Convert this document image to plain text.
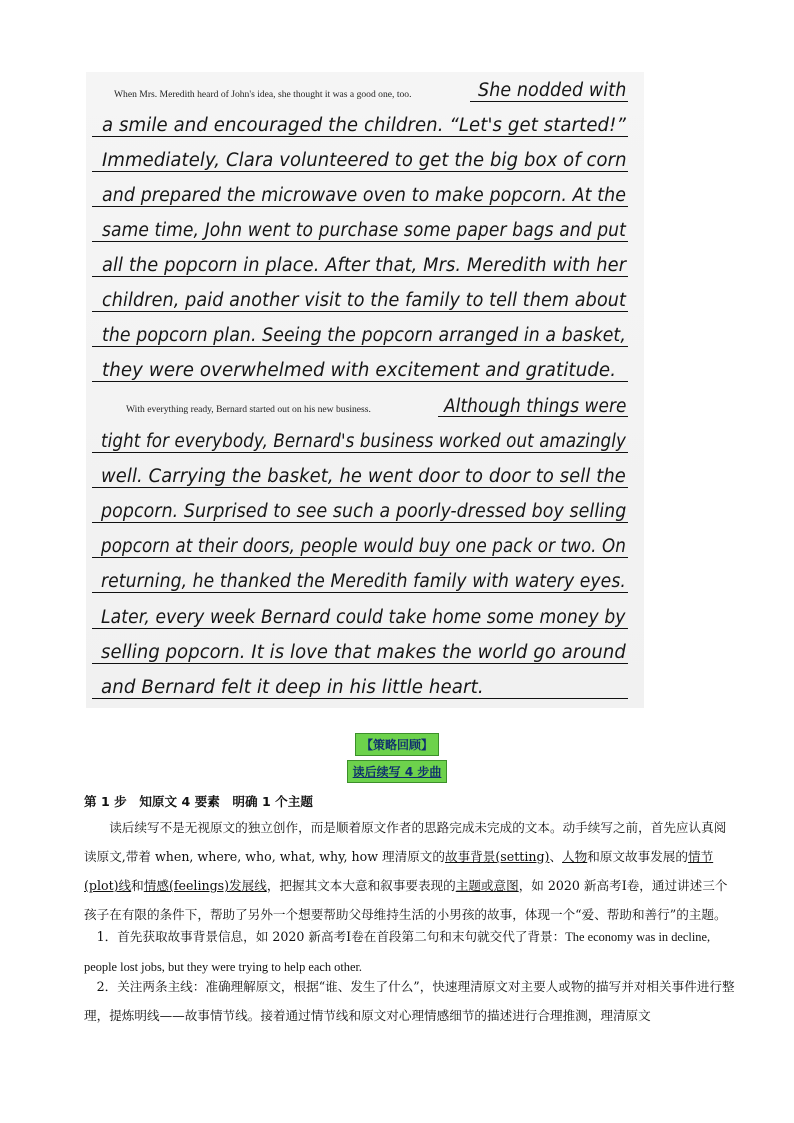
When Mrs. Meredith heard of John's idea, she thought it was a good one, too.	She nodded with
a smile and encouraged the children. “Let's get started!”
Immediately, Clara volunteered to get the big box of corn
and prepared the microwave oven to make popcorn. At the
same time, John went to purchase some paper bags and put
all the popcorn in place. After that, Mrs. Meredith with her
children, paid another visit to the family to tell them about
the popcorn plan. Seeing the popcorn arranged in a basket,
they were overwhelmed with excitement and gratitude.
With everything ready, Bernard started out on his new business.	Although things were
tight for everybody, Bernard's business worked out amazingly
well. Carrying the basket, he went door to door to sell the
popcorn. Surprised to see such a poorly-dressed boy selling
popcorn at their doors, people would buy one pack or two. On
returning, he thanked the Meredith family with watery eyes.
Later, every week Bernard could take home some money by
selling popcorn. It is love that makes the world go around
and Bernard felt it deep in his little heart.
【策略回顾】
读后续写 4 步曲
第 1 步　知原文 4 要素　明确 1 个主题

读后续写不是无视原文的独立创作，而是顺着原文作者的思路完成未完成的文本。动手续写之前，首先应认真阅读原文,带着 when, where, who, what, why, how 理清原文的故事背景(setting)、人物和原文故事发展的情节(plot)线和情感(feelings)发展线，把握其文本大意和叙事要表现的主题或意图，如 2020 新高考Ⅰ卷，通过讲述三个孩子在有限的条件下，帮助了另外一个想要帮助父母维持生活的小男孩的故事，体现一个“爱、帮助和善行”的主题。

1．首先获取故事背景信息，如 2020 新高考Ⅰ卷在首段第二句和末句就交代了背景：The economy was in decline, people lost jobs, but they were trying to help each other.

2．关注两条主线：准确理解原文，根据“谁、发生了什么”，快速理清原文对主要人或物的描写并对相关事件进行整理，提炼明线——故事情节线。接着通过情节线和原文对心理情感细节的描述进行合理推测，理清原文
